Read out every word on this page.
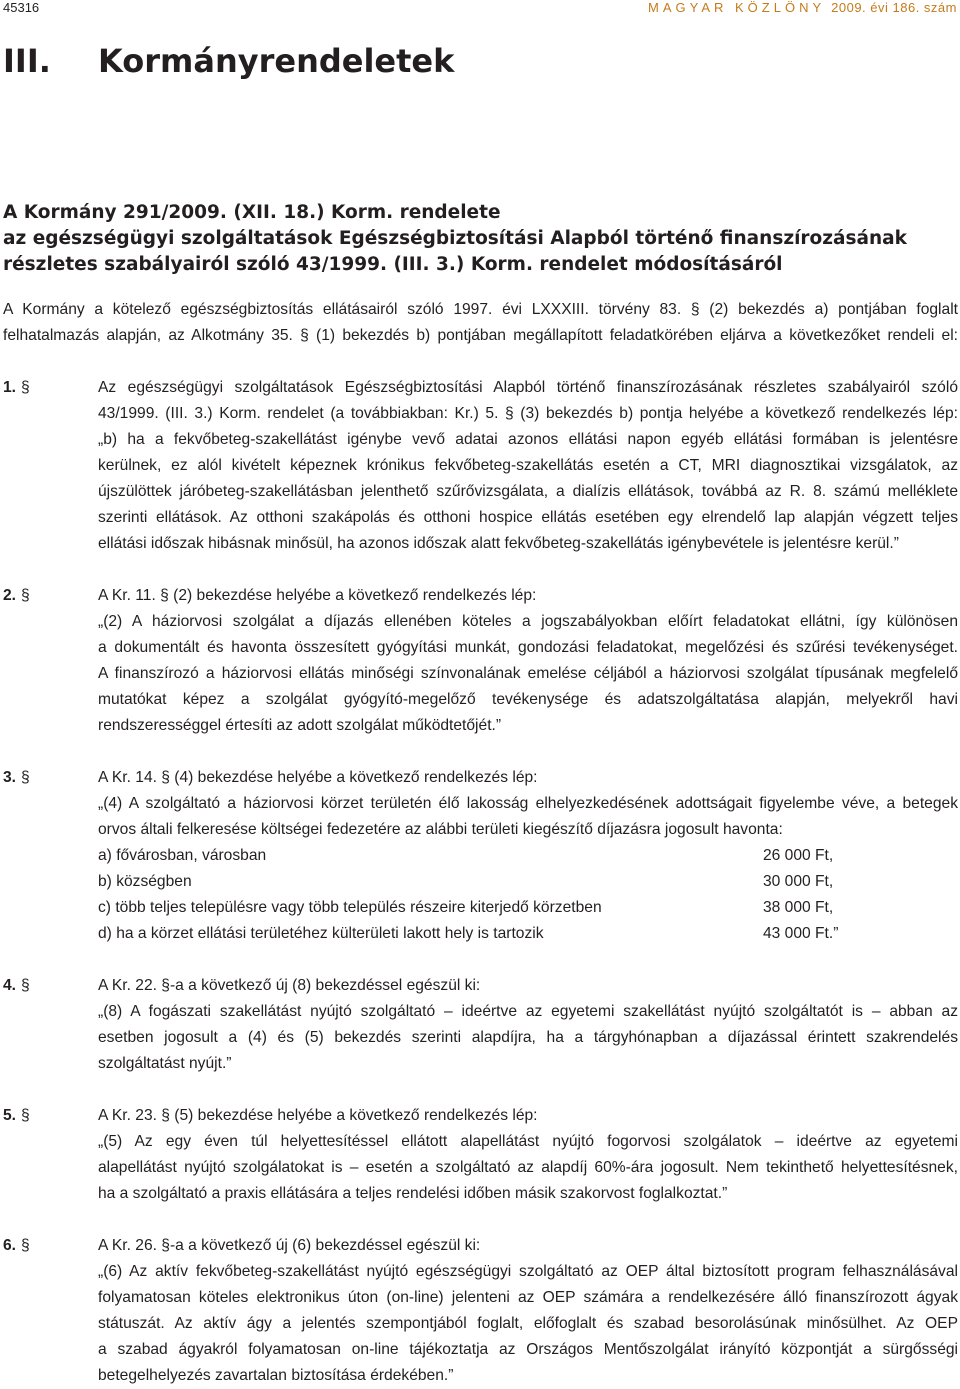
45316	MAGYAR KÖZLÖNY 2009. évi 186. szám
III. Kormányrendeletek
A Kormány 291/2009. (XII. 18.) Korm. rendelete
az egészségügyi szolgáltatások Egészségbiztosítási Alapból történő finanszírozásának
részletes szabályairól szóló 43/1999. (III. 3.) Korm. rendelet módosításáról
A Kormány a kötelező egészségbiztosítás ellátásairól szóló 1997. évi LXXXIII. törvény 83. § (2) bekezdés a) pontjában foglalt
felhatalmazás alapján, az Alkotmány 35. § (1) bekezdés b) pontjában megállapított feladatkörében eljárva a következőket rendeli el:
1. §	Az egészségügyi szolgáltatások Egészségbiztosítási Alapból történő finanszírozásának részletes szabályairól szóló
43/1999. (III. 3.) Korm. rendelet (a továbbiakban: Kr.) 5. § (3) bekezdés b) pontja helyébe a következő rendelkezés lép:
„b) ha a fekvőbeteg-szakellátást igénybe vevő adatai azonos ellátási napon egyéb ellátási formában is jelentésre
kerülnek, ez alól kivételt képeznek krónikus fekvőbeteg-szakellátás esetén a CT, MRI diagnosztikai vizsgálatok, az
újszülöttek járóbeteg-szakellátásban jelenthető szűrővizsgálata, a dialízis ellátások, továbbá az R. 8. számú melléklete
szerinti ellátások. Az otthoni szakápolás és otthoni hospice ellátás esetében egy elrendelő lap alapján végzett teljes
ellátási időszak hibásnak minősül, ha azonos időszak alatt fekvőbeteg-szakellátás igénybevétele is jelentésre kerül.”
2. §	A Kr. 11. § (2) bekezdése helyébe a következő rendelkezés lép:
„(2) A háziorvosi szolgálat a díjazás ellenében köteles a jogszabályokban előírt feladatokat ellátni, így különösen
a dokumentált és havonta összesített gyógyítási munkát, gondozási feladatokat, megelőzési és szűrési tevékenységet.
A finanszírozó a háziorvosi ellátás minőségi színvonalának emelése céljából a háziorvosi szolgálat típusának megfelelő
mutatókat képez a szolgálat gyógyító-megelőző tevékenysége és adatszolgáltatása alapján, melyekről havi
rendszerességgel értesíti az adott szolgálat működtetőjét.”
3. §	A Kr. 14. § (4) bekezdése helyébe a következő rendelkezés lép:
„(4) A szolgáltató a háziorvosi körzet területén élő lakosság elhelyezkedésének adottságait figyelembe véve, a betegek
orvos általi felkeresése költségei fedezetére az alábbi területi kiegészítő díjazásra jogosult havonta:
a) fővárosban, városban	26 000 Ft,
b) községben	30 000 Ft,
c) több teljes településre vagy több település részeire kiterjedő körzetben	38 000 Ft,
d) ha a körzet ellátási területéhez külterületi lakott hely is tartozik	43 000 Ft.”
4. §	A Kr. 22. §-a a következő új (8) bekezdéssel egészül ki:
„(8) A fogászati szakellátást nyújtó szolgáltató – ideértve az egyetemi szakellátást nyújtó szolgáltatót is – abban az
esetben jogosult a (4) és (5) bekezdés szerinti alapdíjra, ha a tárgyhónapban a díjazással érintett szakrendelés
szolgáltatást nyújt.”
5. §	A Kr. 23. § (5) bekezdése helyébe a következő rendelkezés lép:
„(5) Az egy éven túl helyettesítéssel ellátott alapellátást nyújtó fogorvosi szolgálatok – ideértve az egyetemi
alapellátást nyújtó szolgálatokat is – esetén a szolgáltató az alapdíj 60%-ára jogosult. Nem tekinthető helyettesítésnek,
ha a szolgáltató a praxis ellátására a teljes rendelési időben másik szakorvost foglalkoztat.”
6. §	A Kr. 26. §-a a következő új (6) bekezdéssel egészül ki:
„(6) Az aktív fekvőbeteg-szakellátást nyújtó egészségügyi szolgáltató az OEP által biztosított program felhasználásával
folyamatosan köteles elektronikus úton (on-line) jelenteni az OEP számára a rendelkezésére álló finanszírozott ágyak
státuszát. Az aktív ágy a jelentés szempontjából foglalt, előfoglalt és szabad besorolásúnak minősülhet. Az OEP
a szabad ágyakról folyamatosan on-line tájékoztatja az Országos Mentőszolgálat irányító központját a sürgősségi
betegelhelyezés zavartalan biztosítása érdekében.”
